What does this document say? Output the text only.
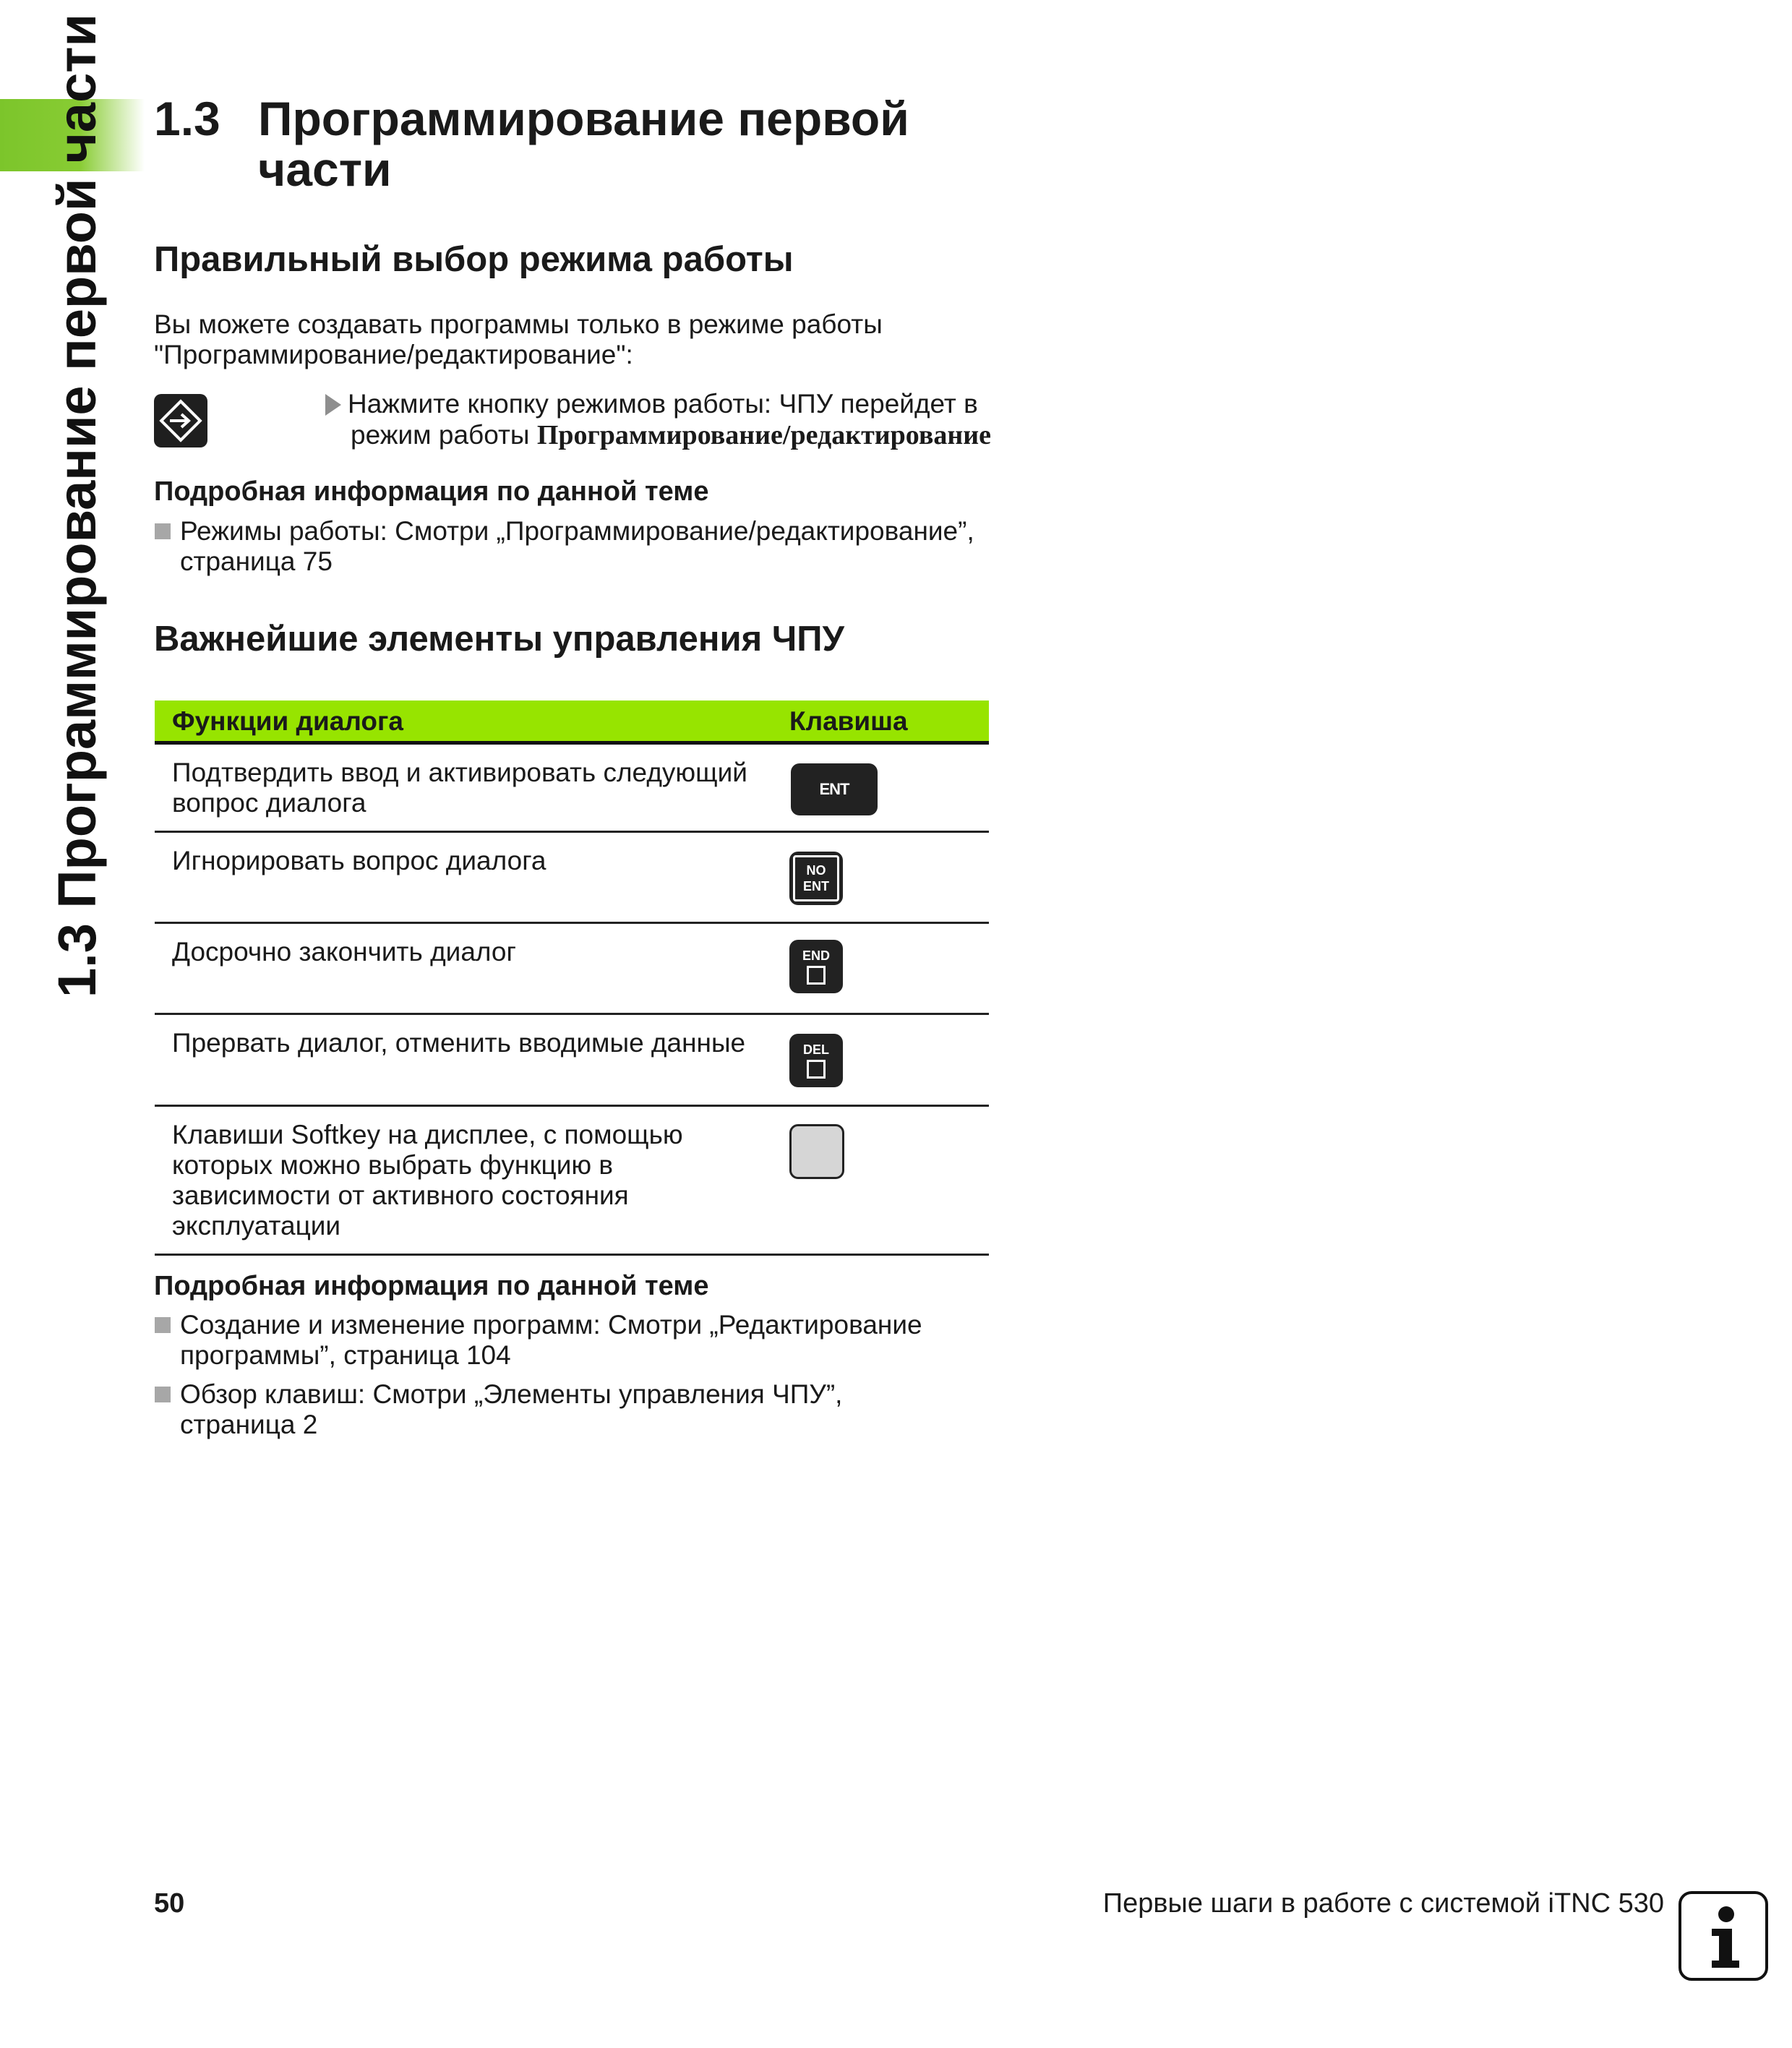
1.3 Программирование первой части 1.3 Программирование первой
части
Правильный выбор режима работы
Вы можете создавать программы только в режиме работы
"Программирование/редактирование":
Нажмите кнопку режимов работы: ЧПУ перейдет в
режим работы Программирование/редактирование
Подробная информация по данной теме
Режимы работы: Смотри „Программирование/редактирование”,
страница 75
Важнейшие элементы управления ЧПУ
Функции диалога	Клавиша
Подтвердить ввод и активировать следующий
вопрос диалога	ENT
Игнорировать вопрос диалога	NO
ENT
Досрочно закончить диалог	END
Прервать диалог, отменить вводимые данные	DEL
Клавиши Softkey на дисплее, с помощью
которых можно выбрать функцию в
зависимости от активного состояния
эксплуатации
Подробная информация по данной теме
Создание и изменение программ: Смотри „Редактирование
программы”, страница 104
Обзор клавиш: Смотри „Элементы управления ЧПУ”,
страница 2
50	Первые шаги в работе с системой iTNC 530
